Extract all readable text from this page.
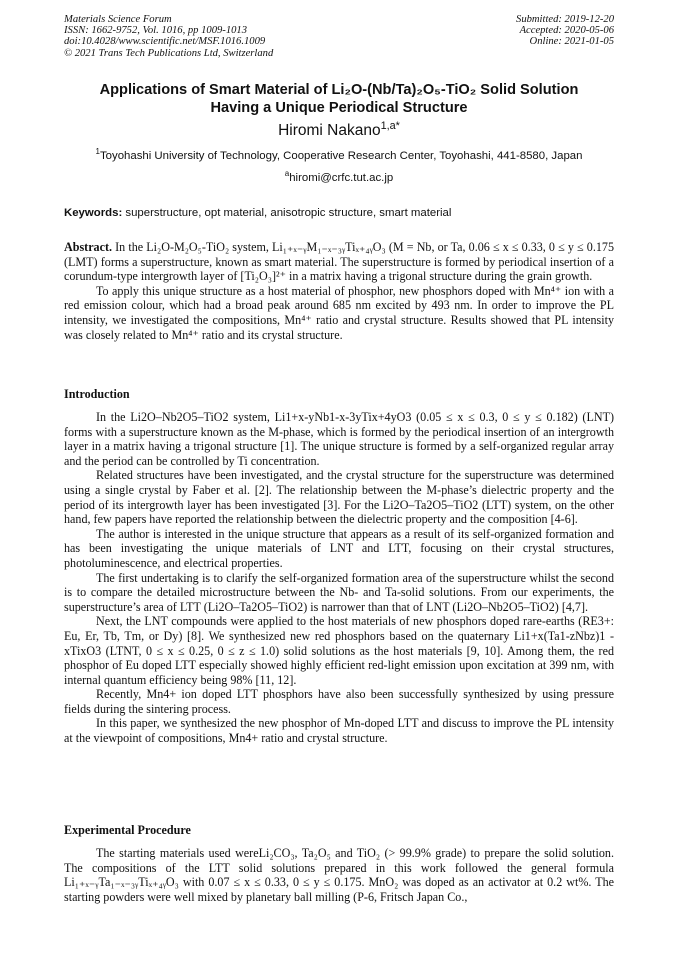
Materials Science Forum
ISSN: 1662-9752, Vol. 1016, pp 1009-1013
doi:10.4028/www.scientific.net/MSF.1016.1009
© 2021 Trans Tech Publications Ltd, Switzerland
Submitted: 2019-12-20
Accepted: 2020-05-06
Online: 2021-01-05
Applications of Smart Material of Li₂O-(Nb/Ta)₂O₅-TiO₂ Solid Solution
Having a Unique Periodical Structure
Hiromi Nakano$^{1,a*}$
$^1$Toyohashi University of Technology, Cooperative Research Center, Toyohashi, 441-8580, Japan
$^a$hiromi@crfc.tut.ac.jp
Keywords: superstructure, opt material, anisotropic structure, smart material

Abstract. In the Li₂O-M₂O₅-TiO₂ system, Li₁₊ₓ₋ᵧM₁₋ₓ₋₃ᵧTiₓ₊₄ᵧO₃ (M = Nb, or Ta, 0.06 ≤ x ≤ 0.33, 0 ≤ y ≤ 0.175 (LMT) forms a superstructure, known as smart material. The superstructure is formed by periodical insertion of a corundum-type intergrowth layer of [Ti₂O₃]²⁺ in a matrix having a trigonal structure during the grain growth.

To apply this unique structure as a host material of phosphor, new phosphors doped with Mn⁴⁺ ion with a red emission colour, which had a broad peak around 685 nm excited by 493 nm. In order to improve the PL intensity, we investigated the compositions, Mn⁴⁺ ratio and crystal structure. Results showed that PL intensity was closely related to Mn⁴⁺ ratio and its crystal structure.

Introduction

In the Li2O–Nb2O5–TiO2 system, Li1+x-yNb1-x-3yTix+4yO3 (0.05 ≤ x ≤ 0.3, 0 ≤ y ≤ 0.182) (LNT) forms with a superstructure known as the M-phase, which is formed by the periodical insertion of an intergrowth layer in a matrix having a trigonal structure [1]. The unique structure is formed by a self-organized regular array and the period can be controlled by Ti concentration.

Related structures have been investigated, and the crystal structure for the superstructure was determined using a single crystal by Faber et al. [2]. The relationship between the M-phase’s dielectric property and the period of its intergrowth layer has been investigated [3]. For the Li2O–Ta2O5–TiO2 (LTT) system, on the other hand, few papers have reported the relationship between the dielectric property and the composition [4-6].

The author is interested in the unique structure that appears as a result of its self-organized formation and has been investigating the unique materials of LNT and LTT, focusing on their crystal structures, photoluminescence, and electrical properties.

The first undertaking is to clarify the self-organized formation area of the superstructure whilst the second is to compare the detailed microstructure between the Nb- and Ta-solid solutions. From our experiments, the superstructure’s area of LTT (Li2O–Ta2O5–TiO2) is narrower than that of LNT (Li2O–Nb2O5–TiO2) [4,7].

Next, the LNT compounds were applied to the host materials of new phosphors doped rare-earths (RE3+: Eu, Er, Tb, Tm, or Dy) [8]. We synthesized new red phosphors based on the quaternary Li1+x(Ta1-zNbz)1 -xTixO3 (LTNT, 0 ≤ x ≤ 0.25, 0 ≤ z ≤ 1.0) solid solutions as the host materials [9, 10]. Among them, the red phosphor of Eu doped LTT especially showed highly efficient red-light emission upon excitation at 399 nm, with internal quantum efficiency being 98% [11, 12].

Recently, Mn4+ ion doped LTT phosphors have also been successfully synthesized by using pressure fields during the sintering process.

In this paper, we synthesized the new phosphor of Mn-doped LTT and discuss to improve the PL intensity at the viewpoint of compositions, Mn4+ ratio and crystal structure.

Experimental Procedure

The starting materials used wereLi₂CO₃, Ta₂O₅ and TiO₂ (> 99.9% grade) to prepare the solid solution. The compositions of the LTT solid solutions prepared in this work followed the general formula Li₁₊ₓ₋ᵧTa₁₋ₓ₋₃ᵧTiₓ₊₄ᵧO₃ with 0.07 ≤ x ≤ 0.33, 0 ≤ y ≤ 0.175. MnO₂ was doped as an activator at 0.2 wt%. The starting powders were well mixed by planetary ball milling (P-6, Fritsch Japan Co.,
